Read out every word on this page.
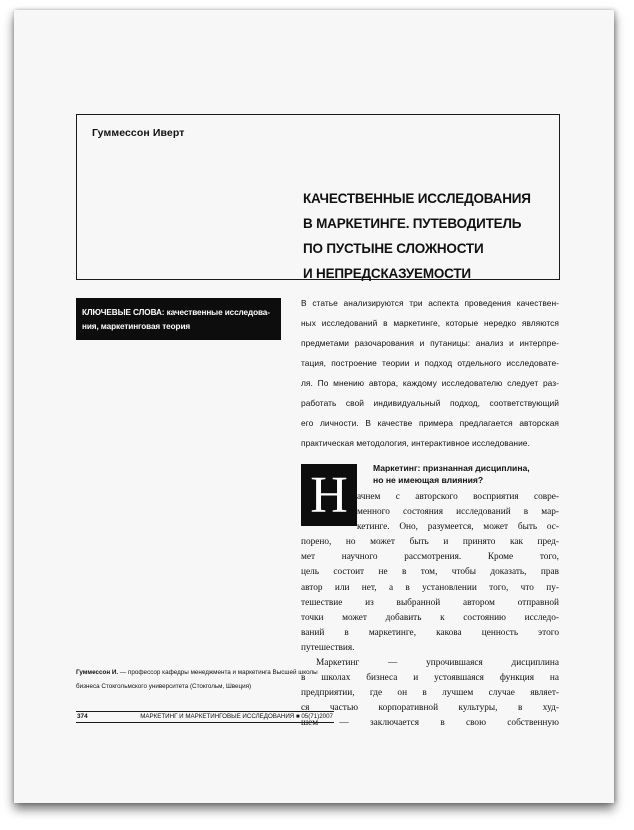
Гуммессон Иверт

КАЧЕСТВЕННЫЕ ИССЛЕДОВАНИЯ
В МАРКЕТИНГЕ. ПУТЕВОДИТЕЛЬ
ПО ПУСТЫНЕ СЛОЖНОСТИ
И НЕПРЕДСКАЗУЕМОСТИ
КЛЮЧЕВЫЕ СЛОВА: качественные исследова-
ния, маркетинговая теория
В статье анализируются три аспекта проведения качествен-
ных исследований в маркетинге, которые нередко являются
предметами разочарования и путаницы: анализ и интерпре-
тация, построение теории и подход отдельного исследовате-
ля. По мнению автора, каждому исследователю следует раз-
работать свой индивидуальный подход, соответствующий
его личности. В качестве примера предлагается авторская
практическая методология, интерактивное исследование.
Н	Маркетинг: признанная дисциплина,
но не имеющая влияния?
ачнем с авторского восприятия совре-
менного состояния исследований в мар-
кетинге. Оно, разумеется, может быть ос-
порено, но может быть и принято как пред-
мет научного рассмотрения. Кроме того,
цель состоит не в том, чтобы доказать, прав
автор или нет, а в установлении того, что пу-
тешествие из выбранной автором отправной
точки может добавить к состоянию исследо-
ваний в маркетинге, какова ценность этого
путешествия.
Маркетинг — упрочившаяся дисциплина
в школах бизнеса и устоявшаяся функция на
предприятии, где он в лучшем случае являет-
ся частью корпоративной культуры, в худ-
шем — заключается в свою собственную
Гуммессон И. — профессор кафедры менеджмента и маркетинга Высшей школы
бизнеса Стокгольмского университета (Стокгольм, Швеция)
374	МАРКЕТИНГ И МАРКЕТИНГОВЫЕ ИССЛЕДОВАНИЯ ■ 05(71)2007
